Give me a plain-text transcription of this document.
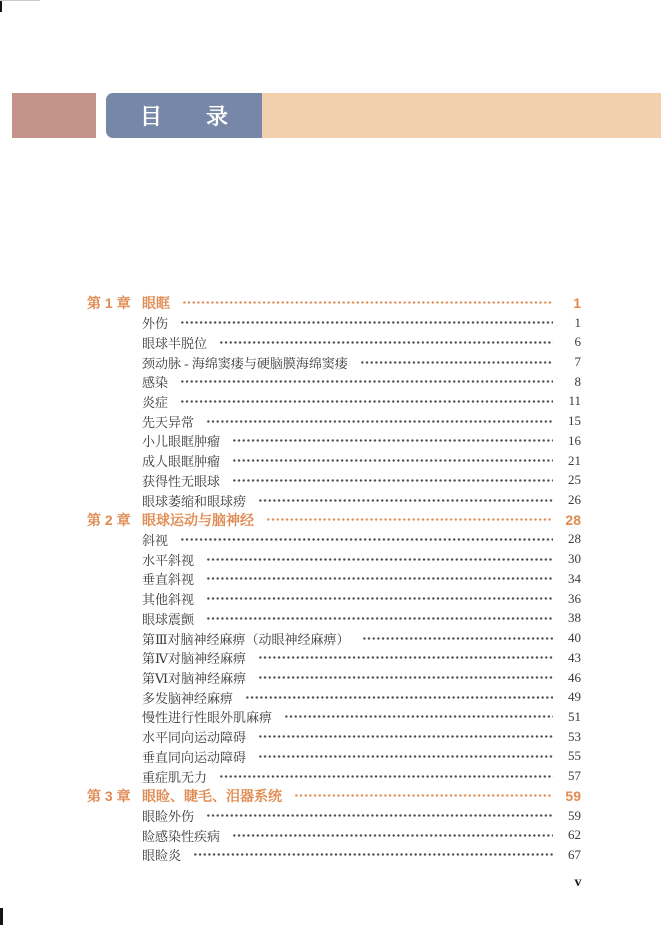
目　录
第 1 章 眼眶	1
外伤	1
眼球半脱位	6
颈动脉 - 海绵窦瘘与硬脑膜海绵窦瘘	7
感染	8
炎症	11
先天异常	15
小儿眼眶肿瘤	16
成人眼眶肿瘤	21
获得性无眼球	25
眼球萎缩和眼球痨	26
第 2 章 眼球运动与脑神经	28
斜视	28
水平斜视	30
垂直斜视	34
其他斜视	36
眼球震颤	38
第Ⅲ对脑神经麻痹（动眼神经麻痹）	40
第Ⅳ对脑神经麻痹	43
第Ⅵ对脑神经麻痹	46
多发脑神经麻痹	49
慢性进行性眼外肌麻痹	51
水平同向运动障碍	53
垂直同向运动障碍	55
重症肌无力	57
第 3 章 眼睑、睫毛、泪器系统	59
眼睑外伤	59
睑感染性疾病	62
眼睑炎	67
v
